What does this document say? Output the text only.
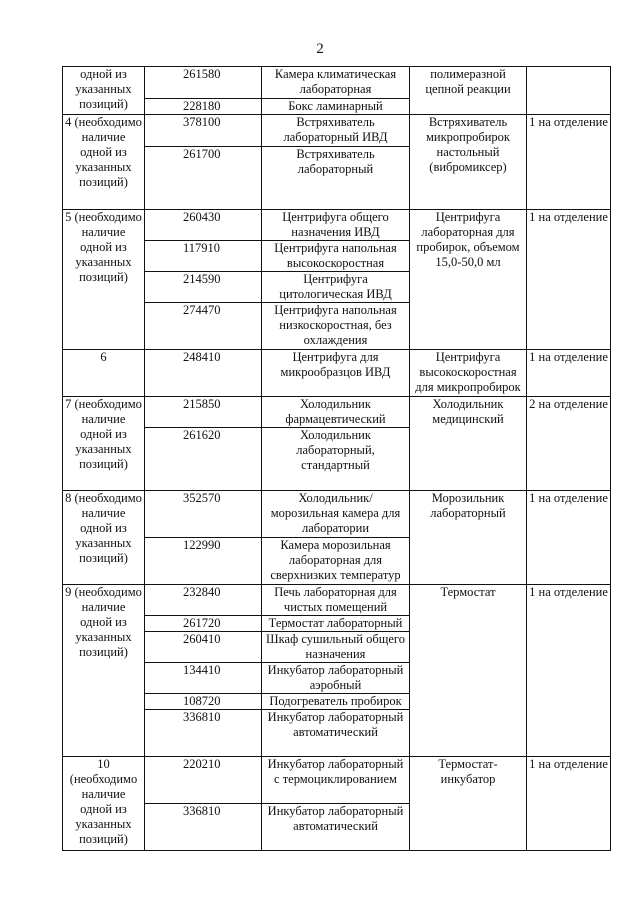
2
одной из указанных позиций)	261580	Камера климатическая лабораторная	полимеразной цепной реакции	
	228180	Бокс ламинарный		
4 (необходимо наличие одной из указанных позиций)	378100	Встряхиватель лабораторный ИВД	Встряхиватель микропробирок настольный (вибромиксер)	1 на отделение
	261700	Встряхиватель лабораторный		
5 (необходимо наличие одной из указанных позиций)	260430	Центрифуга общего назначения ИВД	Центрифуга лабораторная для пробирок, объемом 15,0-50,0 мл	1 на отделение
	117910	Центрифуга напольная высокоскоростная		
	214590	Центрифуга цитологическая ИВД		
	274470	Центрифуга напольная низкоскоростная, без охлаждения		
6	248410	Центрифуга для микрообразцов ИВД	Центрифуга высокоскоростная для микропробирок	1 на отделение
7 (необходимо наличие одной из указанных позиций)	215850	Холодильник фармацевтический	Холодильник медицинский	2 на отделение
	261620	Холодильник лабораторный, стандартный		
8 (необходимо наличие одной из указанных позиций)	352570	Холодильник/ морозильная камера для лаборатории	Морозильник лабораторный	1 на отделение
	122990	Камера морозильная лабораторная для сверхнизких температур		
9 (необходимо наличие одной из указанных позиций)	232840	Печь лабораторная для чистых помещений	Термостат	1 на отделение
	261720	Термостат лабораторный		
	260410	Шкаф сушильный общего назначения		
	134410	Инкубатор лабораторный аэробный		
	108720	Подогреватель пробирок		
	336810	Инкубатор лабораторный автоматический		
10 (необходимо наличие одной из указанных позиций)	220210	Инкубатор лабораторный с термоциклированием	Термостат- инкубатор	1 на отделение
	336810	Инкубатор лабораторный автоматический		
